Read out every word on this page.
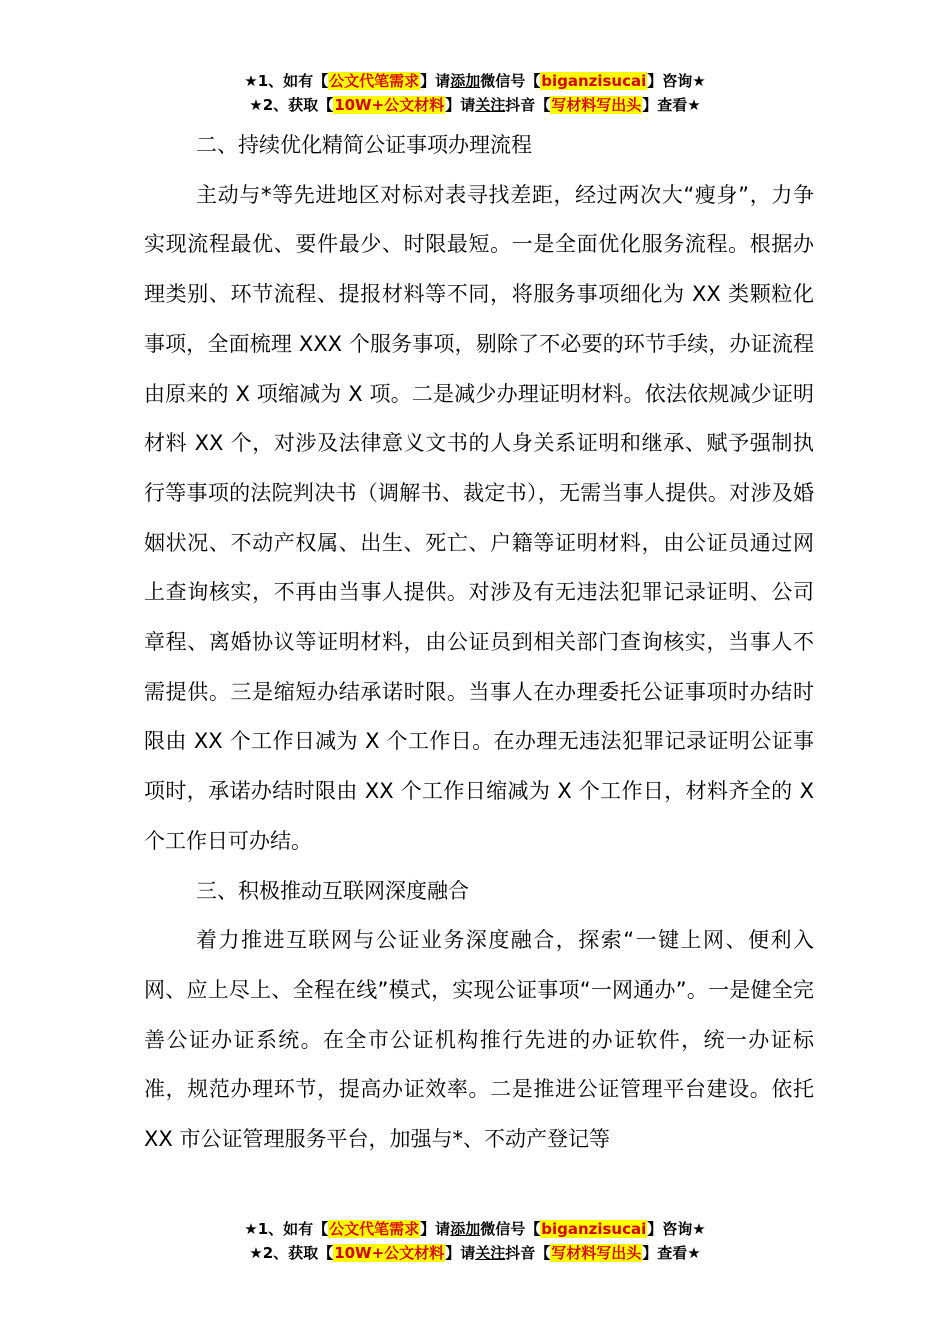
★1、如有【公文代笔需求】请添加微信号【biganzisucai】咨询★
★2、获取【10W+公文材料】请关注抖音【写材料写出头】查看★

二、持续优化精简公证事项办理流程

主动与*等先进地区对标对表寻找差距，经过两次大“瘦身”，力争实现流程最优、要件最少、时限最短。一是全面优化服务流程。根据办理类别、环节流程、提报材料等不同，将服务事项细化为 XX 类颗粒化事项，全面梳理 XXX 个服务事项，剔除了不必要的环节手续，办证流程由原来的 X 项缩减为 X 项。二是减少办理证明材料。依法依规减少证明材料 XX 个，对涉及法律意义文书的人身关系证明和继承、赋予强制执行等事项的法院判决书（调解书、裁定书），无需当事人提供。对涉及婚姻状况、不动产权属、出生、死亡、户籍等证明材料，由公证员通过网上查询核实，不再由当事人提供。对涉及有无违法犯罪记录证明、公司章程、离婚协议等证明材料，由公证员到相关部门查询核实，当事人不需提供。三是缩短办结承诺时限。当事人在办理委托公证事项时办结时限由 XX 个工作日减为 X 个工作日。在办理无违法犯罪记录证明公证事项时，承诺办结时限由 XX 个工作日缩减为 X 个工作日，材料齐全的 X 个工作日可办结。

三、积极推动互联网深度融合

着力推进互联网与公证业务深度融合，探索“一键上网、便利入网、应上尽上、全程在线”模式，实现公证事项“一网通办”。一是健全完善公证办证系统。在全市公证机构推行先进的办证软件，统一办证标准，规范办理环节，提高办证效率。二是推进公证管理平台建设。依托 XX 市公证管理服务平台，加强与*、不动产登记等

★1、如有【公文代笔需求】请添加微信号【biganzisucai】咨询★
★2、获取【10W+公文材料】请关注抖音【写材料写出头】查看★
